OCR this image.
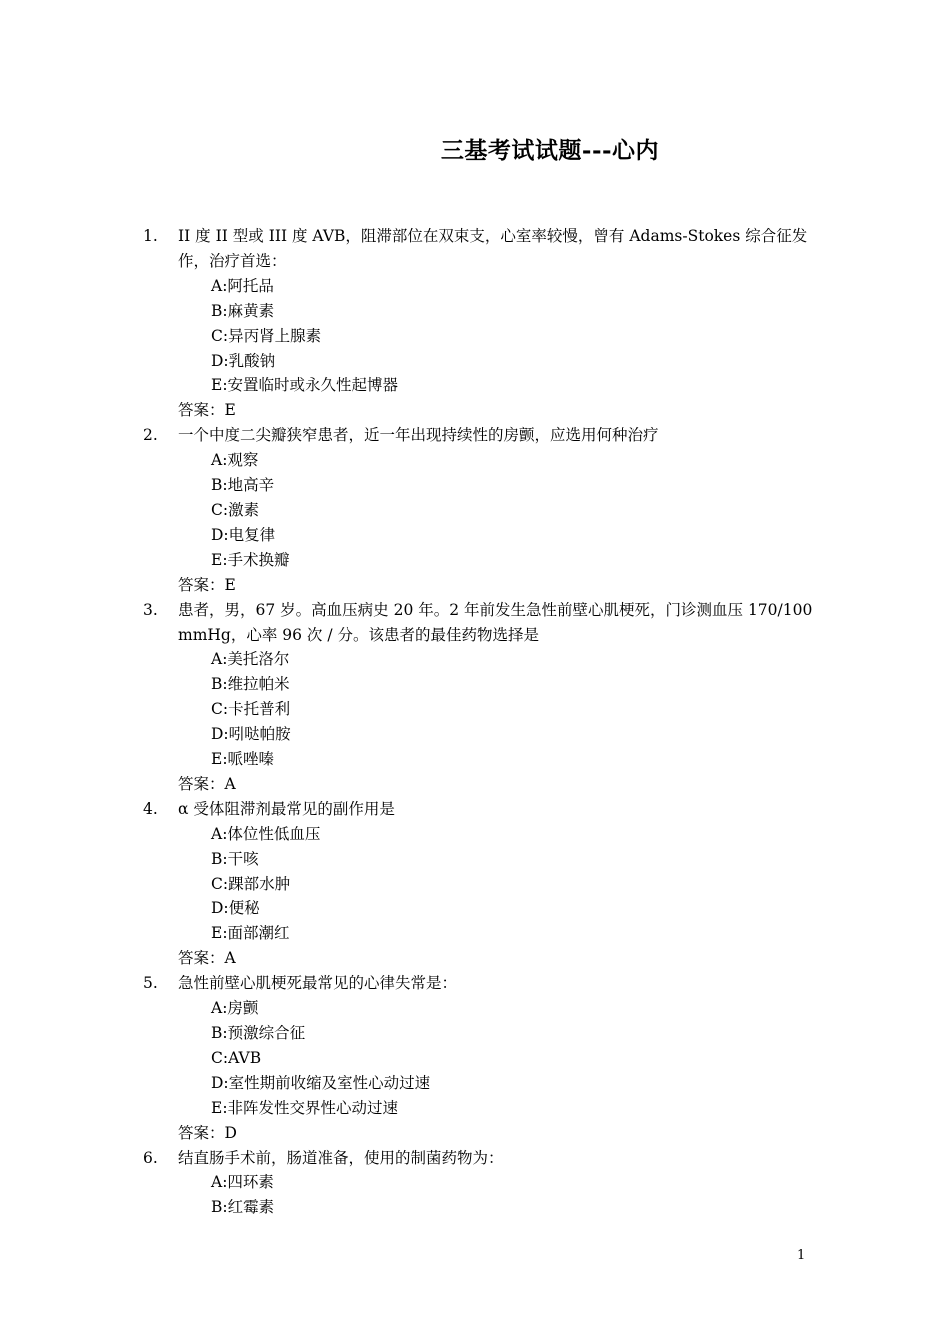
三基考试试题---心内
1. II 度 II 型或 III 度 AVB，阻滞部位在双束支，心室率较慢，曾有 Adams-Stokes 综合征发作，治疗首选：
A:阿托品
B:麻黄素
C:异丙肾上腺素
D:乳酸钠
E:安置临时或永久性起博器
答案：E
2. 一个中度二尖瓣狭窄患者，近一年出现持续性的房颤，应选用何种治疗
A:观察
B:地高辛
C:激素
D:电复律
E:手术换瓣
答案：E
3. 患者，男，67 岁。高血压病史 20 年。2 年前发生急性前壁心肌梗死，门诊测血压 170/100 mmHg，心率 96 次 / 分。该患者的最佳药物选择是
A:美托洛尔
B:维拉帕米
C:卡托普利
D:吲哒帕胺
E:哌唑嗪
答案：A
4. α 受体阻滞剂最常见的副作用是
A:体位性低血压
B:干咳
C:踝部水肿
D:便秘
E:面部潮红
答案：A
5. 急性前壁心肌梗死最常见的心律失常是：
A:房颤
B:预激综合征
C:AVB
D:室性期前收缩及室性心动过速
E:非阵发性交界性心动过速
答案：D
6. 结直肠手术前，肠道准备，使用的制菌药物为：
A:四环素
B:红霉素
1
